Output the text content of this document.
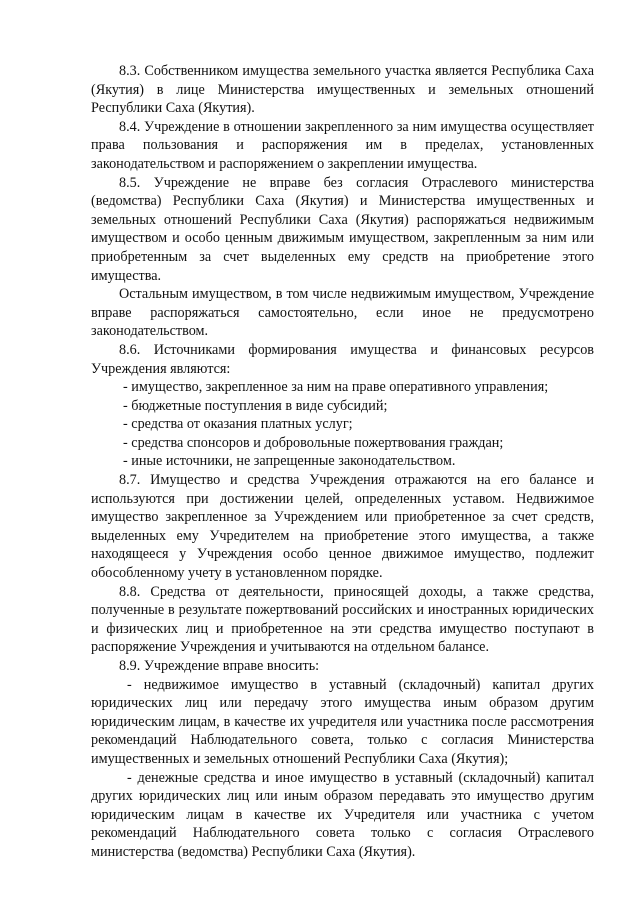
8.3. Собственником имущества земельного участка является Республика Саха (Якутия) в лице Министерства имущественных и земельных отношений Республики Саха (Якутия).

8.4. Учреждение в отношении закрепленного за ним имущества осуществляет права пользования и распоряжения им в пределах, установленных законодательством и распоряжением о закреплении имущества.

8.5. Учреждение не вправе без согласия Отраслевого министерства (ведомства) Республики Саха (Якутия) и Министерства имущественных и земельных отношений Республики Саха (Якутия) распоряжаться недвижимым имуществом и особо ценным движимым имуществом, закрепленным за ним или приобретенным за счет выделенных ему средств на приобретение этого имущества.

Остальным имуществом, в том числе недвижимым имуществом, Учреждение вправе распоряжаться самостоятельно, если иное не предусмотрено законодательством.

8.6. Источниками формирования имущества и финансовых ресурсов Учреждения являются:

- имущество, закрепленное за ним на праве оперативного управления;

- бюджетные поступления в виде субсидий;

- средства от оказания платных услуг;

- средства спонсоров и добровольные пожертвования граждан;

- иные источники, не запрещенные законодательством.

8.7. Имущество и средства Учреждения отражаются на его балансе и используются при достижении целей, определенных уставом. Недвижимое имущество закрепленное за Учреждением или приобретенное за счет средств, выделенных ему Учредителем на приобретение этого имущества, а также находящееся у Учреждения особо ценное движимое имущество, подлежит обособленному учету в установленном порядке.

8.8. Средства от деятельности, приносящей доходы, а также средства, полученные в результате пожертвований российских и иностранных юридических и физических лиц и приобретенное на эти средства имущество поступают в распоряжение Учреждения и учитываются на отдельном балансе.

8.9. Учреждение вправе вносить:

- недвижимое имущество в уставный (складочный) капитал других юридических лиц или передачу этого имущества иным образом другим юридическим лицам, в качестве их учредителя или участника после рассмотрения рекомендаций Наблюдательного совета, только с согласия Министерства имущественных и земельных отношений Республики Саха (Якутия);

- денежные средства и иное имущество в уставный (складочный) капитал других юридических лиц или иным образом передавать это имущество другим юридическим лицам в качестве их Учредителя или участника с учетом рекомендаций Наблюдательного совета только с согласия Отраслевого министерства (ведомства) Республики Саха (Якутия).
